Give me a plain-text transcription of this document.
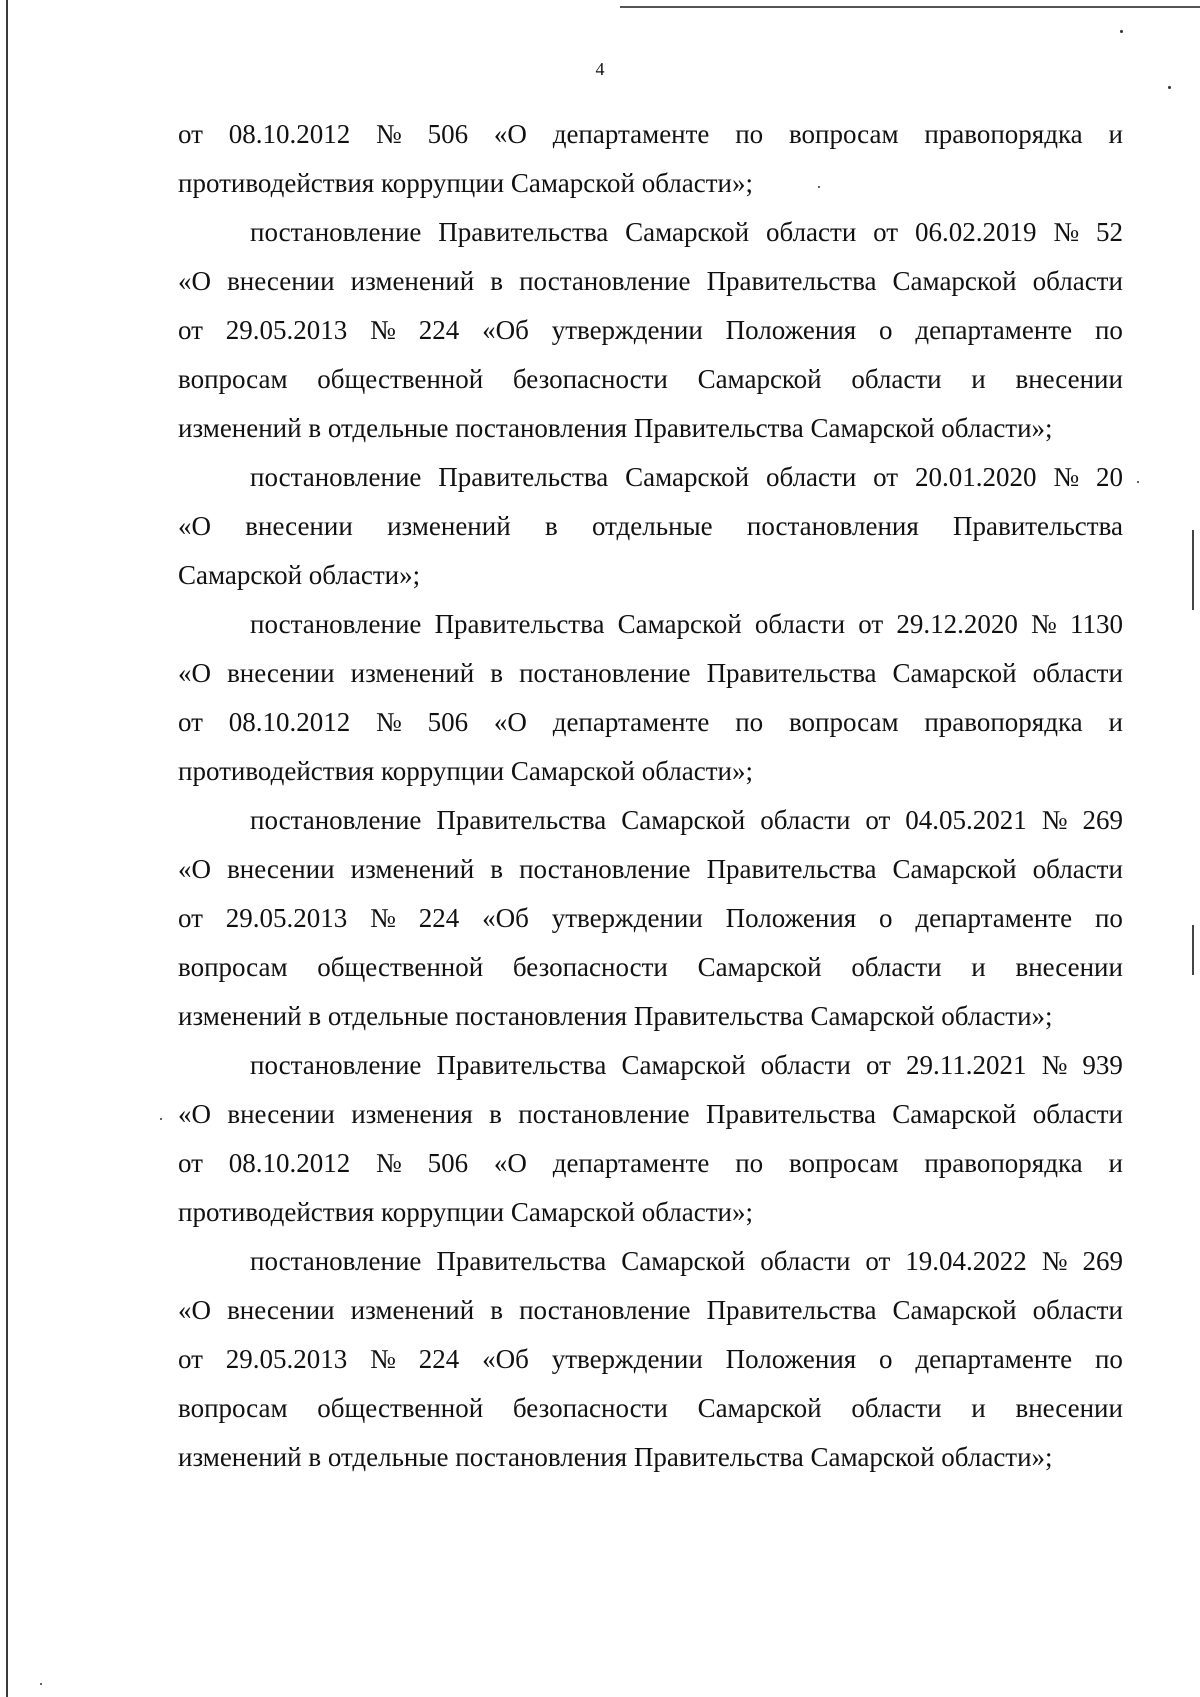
4
от 08.10.2012 № 506 «О департаменте по вопросам правопорядка и
противодействия коррупции Самарской области»;
постановление Правительства Самарской области от 06.02.2019 № 52
«О внесении изменений в постановление Правительства Самарской области
от 29.05.2013 № 224 «Об утверждении Положения о департаменте по
вопросам общественной безопасности Самарской области и внесении
изменений в отдельные постановления Правительства Самарской области»;
постановление Правительства Самарской области от 20.01.2020 № 20
«О внесении изменений в отдельные постановления Правительства
Самарской области»;
постановление Правительства Самарской области от 29.12.2020 № 1130
«О внесении изменений в постановление Правительства Самарской области
от 08.10.2012 № 506 «О департаменте по вопросам правопорядка и
противодействия коррупции Самарской области»;
постановление Правительства Самарской области от 04.05.2021 № 269
«О внесении изменений в постановление Правительства Самарской области
от 29.05.2013 № 224 «Об утверждении Положения о департаменте по
вопросам общественной безопасности Самарской области и внесении
изменений в отдельные постановления Правительства Самарской области»;
постановление Правительства Самарской области от 29.11.2021 № 939
«О внесении изменения в постановление Правительства Самарской области
от 08.10.2012 № 506 «О департаменте по вопросам правопорядка и
противодействия коррупции Самарской области»;
постановление Правительства Самарской области от 19.04.2022 № 269
«О внесении изменений в постановление Правительства Самарской области
от 29.05.2013 № 224 «Об утверждении Положения о департаменте по
вопросам общественной безопасности Самарской области и внесении
изменений в отдельные постановления Правительства Самарской области»;
